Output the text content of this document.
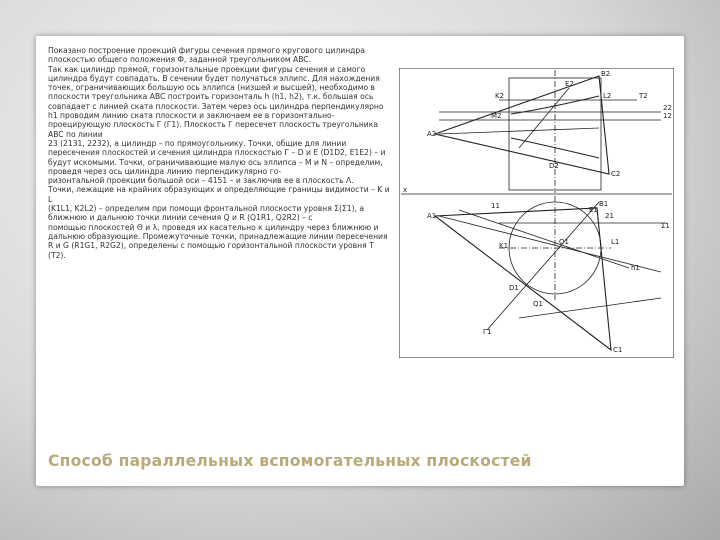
Показано построение проекций фигуры сечения прямого кругового цилиндра плоскостью общего положения Ф, заданной треугольником ABC.
Так как цилиндр прямой, горизонтальные проекции фигуры сечения и самого цилиндра будут совпадать. В сечении будет получаться эллипс. Для нахождения точек, ограничивающих большую ось эллипса (низшей и высшей), необходимо в плоскости треугольника ABC построить горизонталь h (h1, h2), т.к. большая ось совпадает с линией ската плоскости. Затем через ось цилиндра перпендикулярно h1 проводим линию ската плоскости и заключаем ее в горизонтально-проецирующую плоскость Г (Г1). Плоскость Г пересечет плоскость треугольника ABC по линии
23 (2131, 2232), а цилиндр – по прямоугольнику. Точки, общие для линии пересечения плоскостей и сечения цилиндра плоскостью Г – D и E (D1D2, E1E2) – и будут искомыми. Точки, ограничивающие малую ось эллипса – M и N – определим, проведя через ось цилиндра линию перпендикулярно го-
ризонтальной проекции большой оси – 4151 – и заключив ее в плоскость Λ.
Точки, лежащие на крайних образующих и определяющие границы видимости – K и L
(K1L1, K2L2) – определим при помощи фронтальной плоскости уровня Σ(Σ1), а ближнюю и дальнюю точки линии сечения Q и R (Q1R1, Q2R2) – с
помощью плоскостей Θ и λ, проведя их касательно к цилиндру через ближнюю и дальнюю образующие. Промежуточные точки, принадлежащие линии пересечения R и G (R1G1, R2G2), определены с помощью горизонтальной плоскости уровня T (T2).
A2
B2
C2
12
22
T2
K2	L2
M2
D2
E2
x
A1
B1
C1
11
21
h1
Σ1
K1	L1
O1
Q1
Г1
D1
E1
Способ параллельных вспомогательных плоскостей
